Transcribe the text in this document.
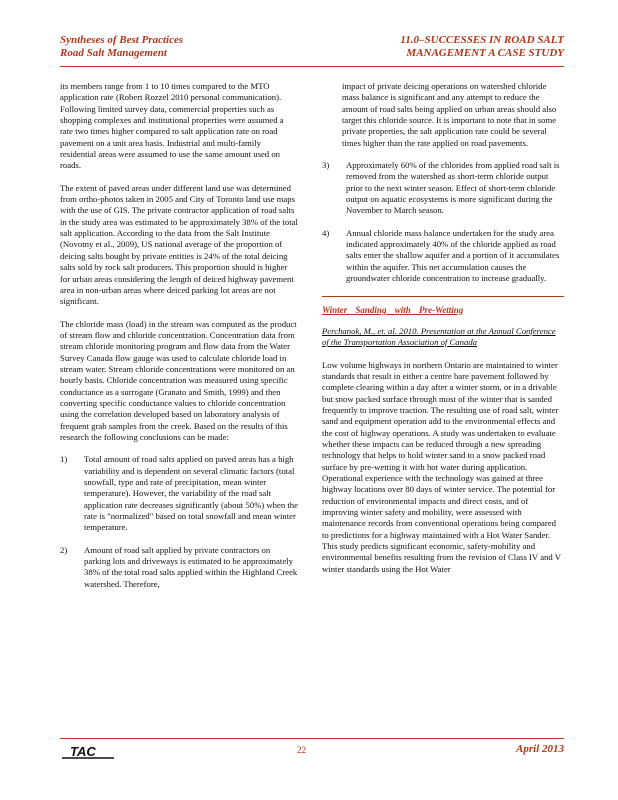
Syntheses of Best Practices
Road Salt Management
11.0–SUCCESSES IN ROAD SALT
MANAGEMENT A CASE STUDY

its members range from 1 to 10 times compared to the MTO application rate (Robert Rozzel 2010 personal communication). Following limited survey data, commercial properties such as shopping complexes and institutional properties were assumed a rate two times higher compared to salt application rate on road pavement on a unit area basis. Industrial and multi-family residential areas were assumed to use the same amount used on roads.

The extent of paved areas under different land use was determined from ortho-photos taken in 2005 and City of Toronto land use maps with the use of GIS. The private contractor application of road salts in the study area was estimated to be approximately 38% of the total salt application. According to the data from the Salt Institute (Novotny et al., 2009), US national average of the proportion of deicing salts bought by private entities is 24% of the total deicing salts sold by rock salt producers. This proportion should is higher for urban areas considering the length of deiced highway pavement area in non-urban areas where deiced parking lot areas are not significant.

The chloride mass (load) in the stream was computed as the product of stream flow and chloride concentration. Concentration data from stream chloride monitoring program and flow data from the Water Survey Canada flow gauge was used to calculate chloride load in stream water. Stream chloride concentrations were monitored on an hourly basis. Chloride concentration was measured using specific conductance as a surrogate (Granato and Smith, 1999) and then converting specific conductance values to chloride concentration using the correlation developed based on laboratory analysis of frequent grab samples from the creek. Based on the results of this research the following conclusions can be made:

1)	Total amount of road salts applied on paved areas has a high variability and is dependent on several climatic factors (total snowfall, type and rate of precipitation, mean winter temperature). However, the variability of the road salt application rate decreases significantly (about 50%) when the rate is "normalized" based on total snowfall and mean winter temperature.
2)	Amount of road salt applied by private contractors on parking lots and driveways is estimated to be approximately 38% of the total road salts applied within the Highland Creek watershed. Therefore,
impact of private deicing operations on watershed chloride mass balance is significant and any attempt to reduce the amount of road salts being applied on urban areas should also target this chloride source. It is important to note that in some private properties, the salt application rate could be several times higher than the rate applied on road pavements.
3)	Approximately 60% of the chlorides from applied road salt is removed from the watershed as short-term chloride output prior to the next winter season. Effect of short-term chloride output on aquatic ecosystems is more significant during the November to March season.
4)	Annual chloride mass balance undertaken for the study area indicated approximately 40% of the chloride applied as road salts enter the shallow aquifer and a portion of it accumulates within the aquifer. This net accumulation causes the groundwater chloride concentration to increase gradually.
Winter Sanding with Pre-Wetting

Perchanok, M., et. al. 2010. Presentation at the Annual Conference of the Transportation Association of Canada

Low volume highways in northern Ontario are maintained to winter standards that result in either a centre bare pavement followed by complete clearing within a day after a winter storm, or in a drivable but snow packed surface through most of the winter that is sanded frequently to improve traction. The resulting use of road salt, winter sand and equipment operation add to the environmental effects and the cost of highway operations. A study was undertaken to evaluate whether these impacts can be reduced through a new spreading technology that helps to hold winter sand to a snow packed road surface by pre-wetting it with hot water during application. Operational experience with the technology was gained at three highway locations over 80 days of winter service. The potential for reduction of environmental impacts and direct costs, and of improving winter safety and mobility, were assessed with maintenance records from conventional operations being compared to predictions for a highway maintained with a Hot Water Sander. This study predicts significant economic, safety-mobility and environmental benefits resulting from the revision of Class IV and V winter standards using the Hot Water

TAC	22	April 2013
